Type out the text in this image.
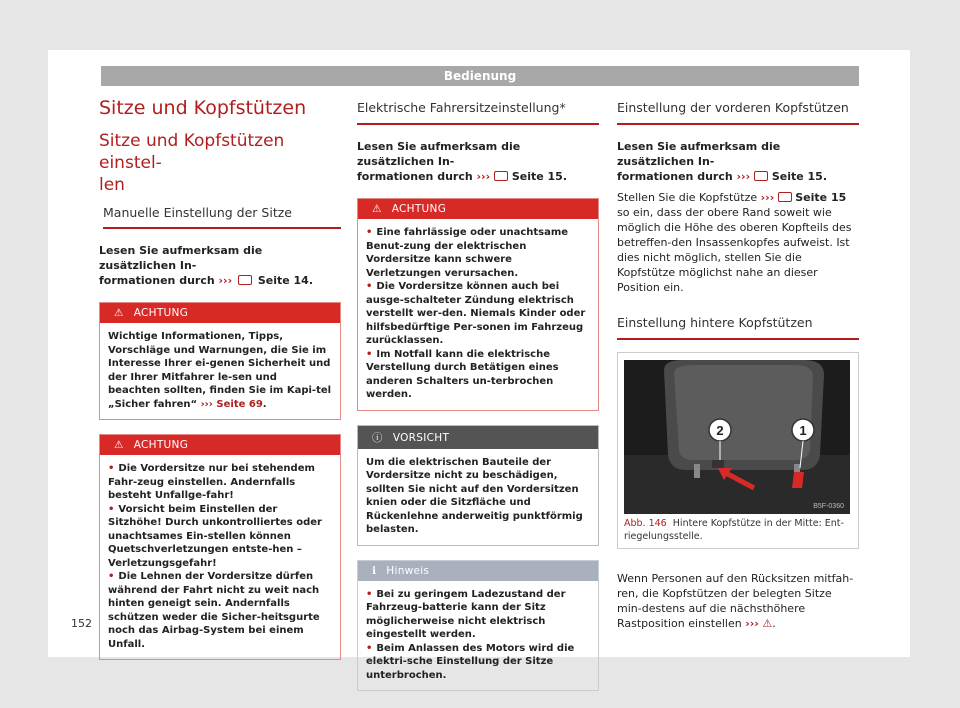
Bedienung
Sitze und Kopfstützen
Sitze und Kopfstützen einstel-
len
Manuelle Einstellung der Sitze

Lesen Sie aufmerksam die zusätzlichen In-
formationen durch ››› Seite 14.

⚠ ACHTUNG
Wichtige Informationen, Tipps, Vorschläge und Warnungen, die Sie im Interesse Ihrer ei-genen Sicherheit und der Ihrer Mitfahrer le-sen und beachten sollten, finden Sie im Kapi-tel „Sicher fahren“ ››› Seite 69.
⚠ ACHTUNG
• Die Vordersitze nur bei stehendem Fahr-zeug einstellen. Andernfalls besteht Unfallge-fahr!
• Vorsicht beim Einstellen der Sitzhöhe! Durch unkontrolliertes oder unachtsames Ein-stellen können Quetschverletzungen entste-hen – Verletzungsgefahr!
• Die Lehnen der Vordersitze dürfen während der Fahrt nicht zu weit nach hinten geneigt sein. Andernfalls schützen weder die Sicher-heitsgurte noch das Airbag-System bei einem Unfall.
Elektrische Fahrersitzeinstellung*

Lesen Sie aufmerksam die zusätzlichen In-
formationen durch ››› Seite 15.

⚠ ACHTUNG
• Eine fahrlässige oder unachtsame Benut-zung der elektrischen Vordersitze kann schwere Verletzungen verursachen.
• Die Vordersitze können auch bei ausge-schalteter Zündung elektrisch verstellt wer-den. Niemals Kinder oder hilfsbedürftige Per-sonen im Fahrzeug zurücklassen.
• Im Notfall kann die elektrische Verstellung durch Betätigen eines anderen Schalters un-terbrochen werden.
ⓘ VORSICHT
Um die elektrischen Bauteile der Vordersitze nicht zu beschädigen, sollten Sie nicht auf den Vordersitzen knien oder die Sitzfläche und Rückenlehne anderweitig punktförmig belasten.
ℹ Hinweis
• Bei zu geringem Ladezustand der Fahrzeug-batterie kann der Sitz möglicherweise nicht elektrisch eingestellt werden.
• Beim Anlassen des Motors wird die elektri-sche Einstellung der Sitze unterbrochen.
Einstellung der vorderen Kopfstützen

Lesen Sie aufmerksam die zusätzlichen In-
formationen durch ››› Seite 15.

Stellen Sie die Kopfstütze ››› Seite 15 so ein, dass der obere Rand soweit wie möglich die Höhe des oberen Kopfteils des betreffen-den Insassenkopfes aufweist. Ist dies nicht möglich, stellen Sie die Kopfstütze möglichst nahe an dieser Position ein.

Einstellung hintere Kopfstützen
2	1
B5F-0360
Abb. 146 Hintere Kopfstütze in der Mitte: Ent-riegelungsstelle.

Wenn Personen auf den Rücksitzen mitfah-ren, die Kopfstützen der belegten Sitze min-destens auf die nächsthöhere Rastposition einstellen ››› ⚠.

152
